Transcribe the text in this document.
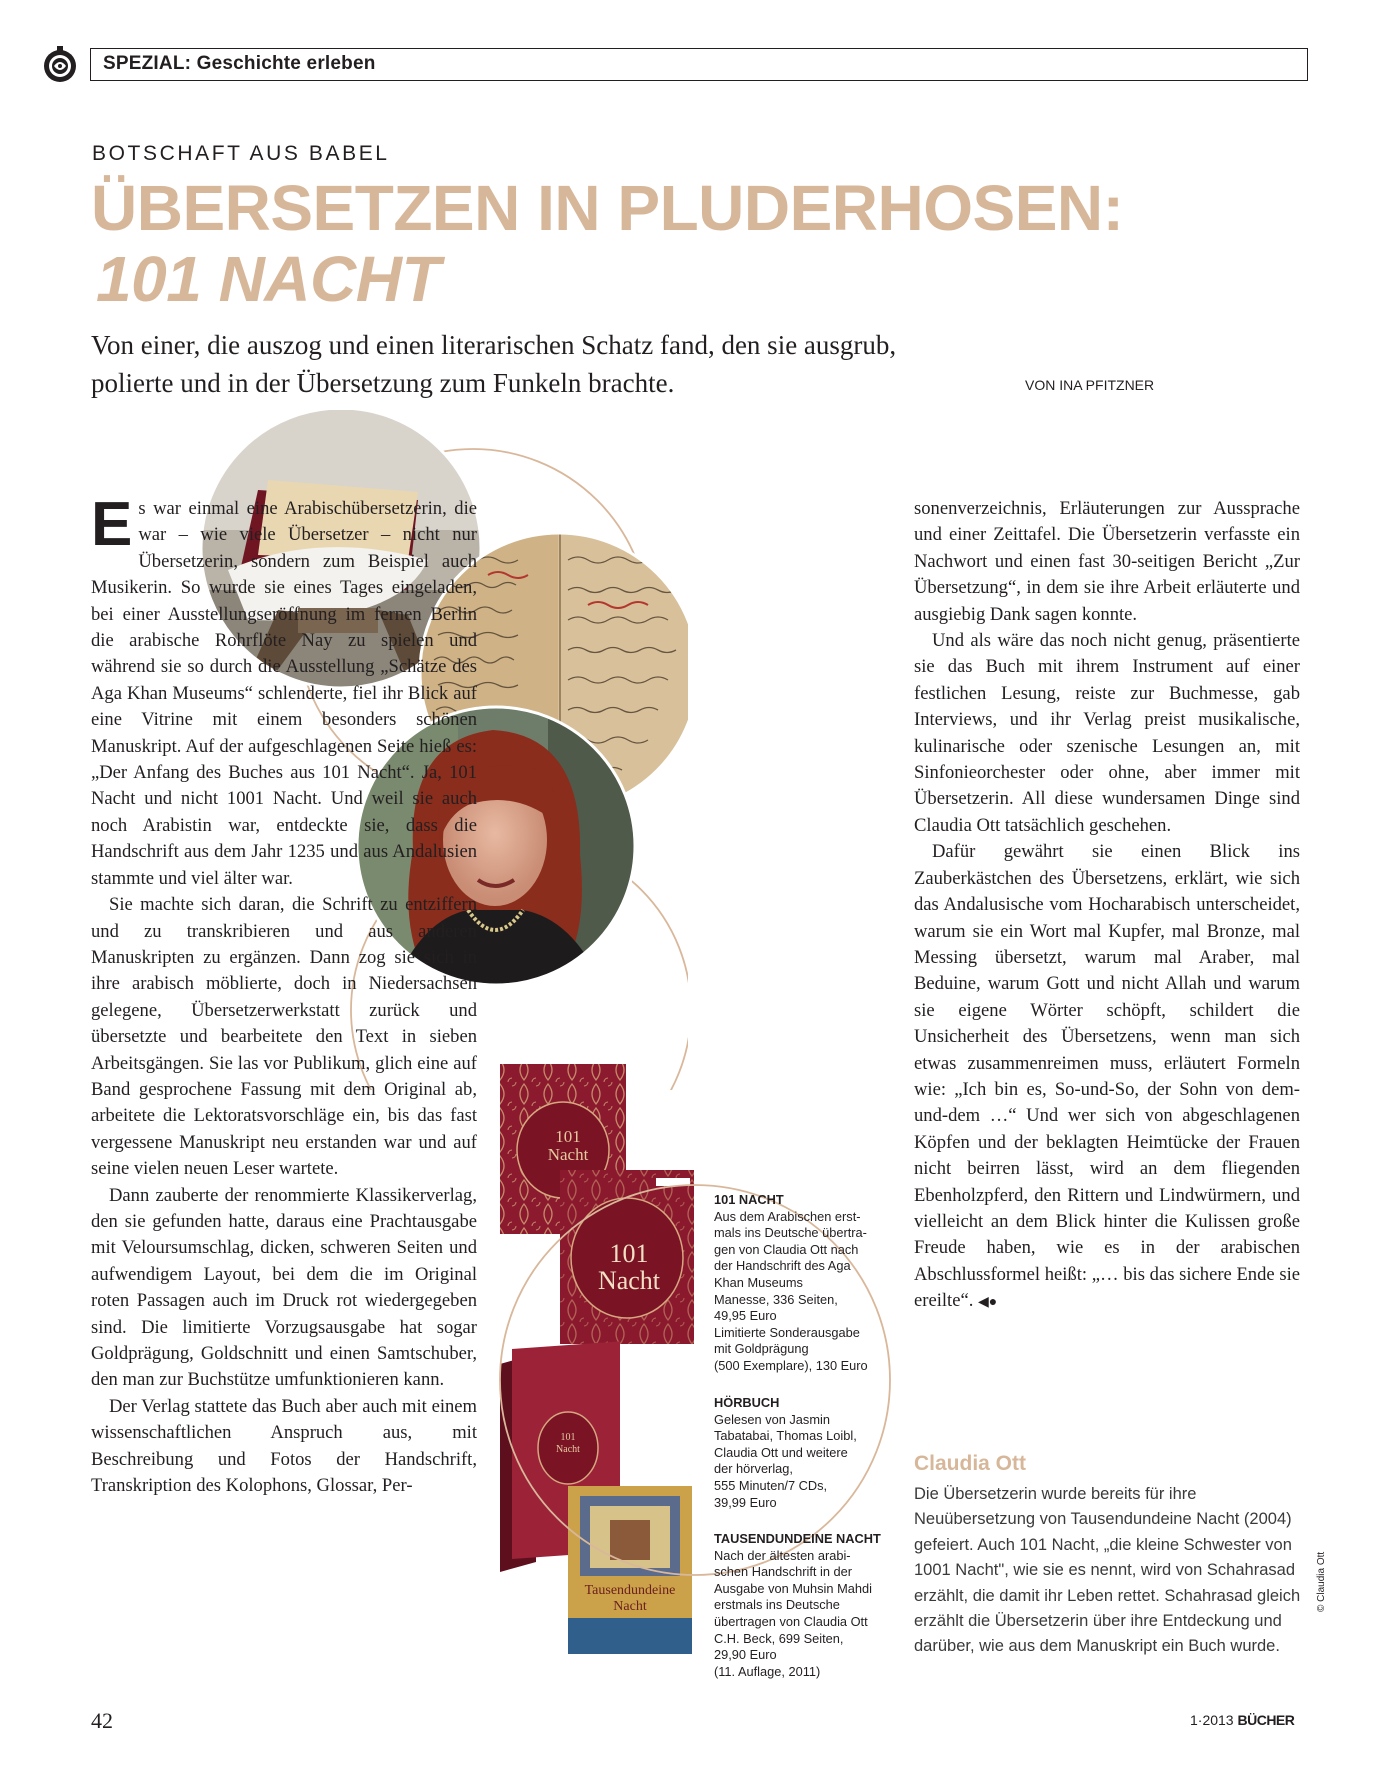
SPEZIAL: Geschichte erleben
BOTSCHAFT AUS BABEL
ÜBERSETZEN IN PLUDERHOSEN:
101 NACHT
Von einer, die auszog und einen literarischen Schatz fand, den sie ausgrub,
polierte und in der Übersetzung zum Funkeln brachte.	VON INA PFITZNER
101
Nacht
101
Nacht
101
Nacht
Tausendundeine
Nacht

Es war einmal eine Arabischübersetzerin, die war – wie viele Übersetzer – nicht nur Übersetzerin, sondern zum Beispiel auch Musikerin. So wurde sie eines Tages eingeladen, bei einer Ausstellungseröffnung im fernen Berlin die arabische Rohrflöte Nay zu spielen und während sie so durch die Ausstellung „Schätze des Aga Khan Museums“ schlenderte, fiel ihr Blick auf eine Vitrine mit einem besonders schönen Manuskript. Auf der aufgeschlagenen Seite hieß es: „Der Anfang des Buches aus 101 Nacht“. Ja, 101 Nacht und nicht 1001 Nacht. Und weil sie auch noch Arabistin war, entdeckte sie, dass die Handschrift aus dem Jahr 1235 und aus Andalusien stammte und viel älter war.

Sie machte sich daran, die Schrift zu entziffern und zu transkribieren und aus anderen Manuskripten zu ergänzen. Dann zog sie sich in ihre arabisch möblierte, doch in Niedersachsen gelegene, Übersetzerwerkstatt zurück und übersetzte und bearbeitete den Text in sieben Arbeitsgängen. Sie las vor Publikum, glich eine auf Band gesprochene Fassung mit dem Original ab, arbeitete die Lektoratsvorschläge ein, bis das fast vergessene Manuskript neu erstanden war und auf seine vielen neuen Leser wartete.

Dann zauberte der renommierte Klassikerverlag, den sie gefunden hatte, daraus eine Prachtausgabe mit Veloursumschlag, dicken, schweren Seiten und aufwendigem Layout, bei dem die im Original roten Passagen auch im Druck rot wiedergegeben sind. Die limitierte Vorzugsausgabe hat sogar Goldprägung, Goldschnitt und einen Samtschuber, den man zur Buchstütze umfunktionieren kann.

Der Verlag stattete das Buch aber auch mit einem wissenschaftlichen Anspruch aus, mit Beschreibung und Fotos der Handschrift, Transkription des Kolophons, Glossar, Per-

sonenverzeichnis, Erläuterungen zur Aussprache und einer Zeittafel. Die Übersetzerin verfasste ein Nachwort und einen fast 30-seitigen Bericht „Zur Übersetzung“, in dem sie ihre Arbeit erläuterte und ausgiebig Dank sagen konnte.

Und als wäre das noch nicht genug, präsentierte sie das Buch mit ihrem Instrument auf einer festlichen Lesung, reiste zur Buchmesse, gab Interviews, und ihr Verlag preist musikalische, kulinarische oder szenische Lesungen an, mit Sinfonieorchester oder ohne, aber immer mit Übersetzerin. All diese wundersamen Dinge sind Claudia Ott tatsächlich geschehen.

Dafür gewährt sie einen Blick ins Zauberkästchen des Übersetzens, erklärt, wie sich das Andalusische vom Hocharabisch unterscheidet, warum sie ein Wort mal Kupfer, mal Bronze, mal Messing übersetzt, warum mal Araber, mal Beduine, warum Gott und nicht Allah und warum sie eigene Wörter schöpft, schildert die Unsicherheit des Übersetzens, wenn man sich etwas zusammenreimen muss, erläutert Formeln wie: „Ich bin es, So-und-So, der Sohn von dem-und-dem …“ Und wer sich von abgeschlagenen Köpfen und der beklagten Heimtücke der Frauen nicht beirren lässt, wird an dem fliegenden Ebenholzpferd, den Rittern und Lindwürmern, und vielleicht an dem Blick hinter die Kulissen große Freude haben, wie es in der arabischen Abschlussformel heißt: „… bis das sichere Ende sie ereilte“. ◀●

101 NACHT
Aus dem Arabischen erst-
mals ins Deutsche übertra-
gen von Claudia Ott nach
der Handschrift des Aga
Khan Museums
Manesse, 336 Seiten,
49,95 Euro
Limitierte Sonderausgabe
mit Goldprägung
(500 Exemplare), 130 Euro
HÖRBUCH
Gelesen von Jasmin
Tabatabai, Thomas Loibl,
Claudia Ott und weitere
der hörverlag,
555 Minuten/7 CDs,
39,99 Euro
TAUSENDUNDEINE NACHT
Nach der ältesten arabi-
schen Handschrift in der
Ausgabe von Muhsin Mahdi
erstmals ins Deutsche
übertragen von Claudia Ott
C.H. Beck, 699 Seiten,
29,90 Euro
(11. Auflage, 2011)
Claudia Ott
Die Übersetzerin wurde bereits für ihre Neuübersetzung von Tausendundeine Nacht (2004) gefeiert. Auch 101 Nacht, „die kleine Schwester von 1001 Nacht", wie sie es nennt, wird von Schahrasad erzählt, die damit ihr Leben rettet. Schahrasad gleich erzählt die Übersetzerin über ihre Entdeckung und darüber, wie aus dem Manuskript ein Buch wurde.
© Claudia Ott
42	1·2013 BÜCHER
